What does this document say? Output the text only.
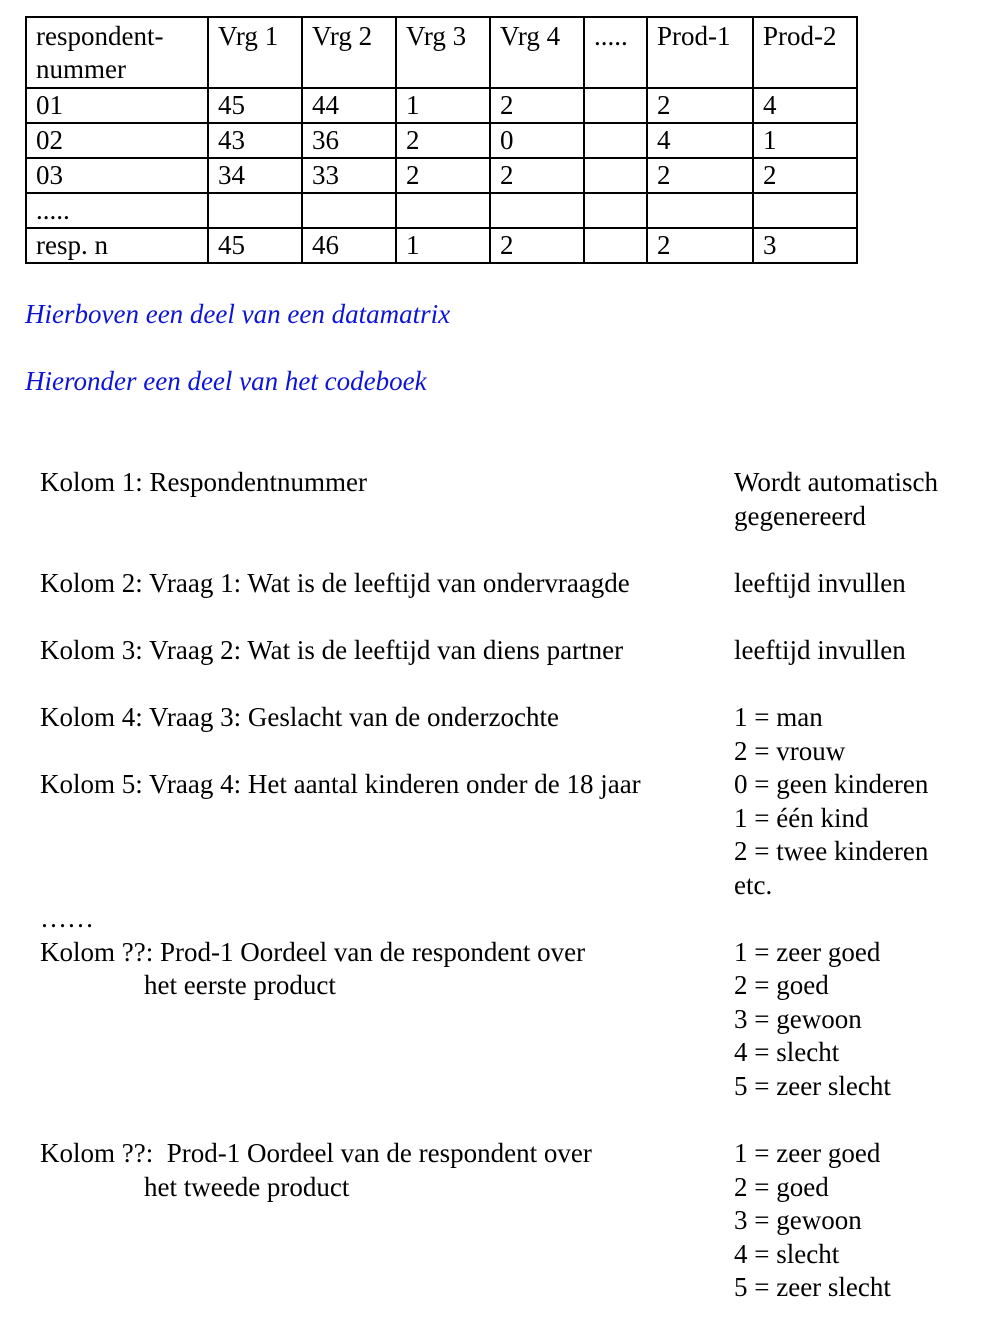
respondent-
nummer	Vrg 1	Vrg 2	Vrg 3	Vrg 4	.....	Prod-1	Prod-2
01	45	44	1	2		2	4
02	43	36	2	0		4	1
03	34	33	2	2		2	2
.....							
resp. n	45	46	1	2		2	3
Hierboven een deel van een datamatrix
Hieronder een deel van het codeboek
Kolom 1: Respondentnummer	Wordt automatisch
gegenereerd
Kolom 2: Vraag 1: Wat is de leeftijd van ondervraagde	leeftijd invullen
Kolom 3: Vraag 2: Wat is de leeftijd van diens partner	leeftijd invullen
Kolom 4: Vraag 3: Geslacht van de onderzochte	1 = man
2 = vrouw
Kolom 5: Vraag 4: Het aantal kinderen onder de 18 jaar	0 = geen kinderen
1 = één kind
2 = twee kinderen
etc.
……
Kolom ??: Prod-1 Oordeel van de respondent over
het eerste product
1 = zeer goed
2 = goed
3 = gewoon
4 = slecht
5 = zeer slecht
Kolom ??:  Prod-1 Oordeel van de respondent over
het tweede product
1 = zeer goed
2 = goed
3 = gewoon
4 = slecht
5 = zeer slecht
